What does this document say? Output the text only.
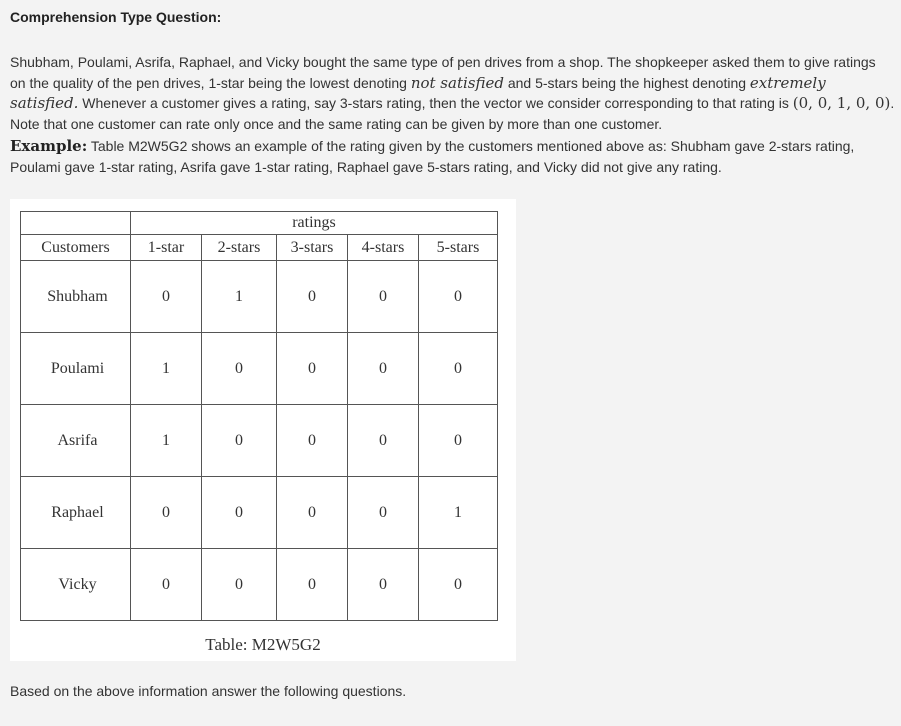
Comprehension Type Question:
Shubham, Poulami, Asrifa, Raphael, and Vicky bought the same type of pen drives from a shop. The shopkeeper asked them to give ratings on the quality of the pen drives, 1-star being the lowest denoting not satisfied and 5-stars being the highest denoting extremely satisfied. Whenever a customer gives a rating, say 3-stars rating, then the vector we consider corresponding to that rating is (0, 0, 1, 0, 0). Note that one customer can rate only once and the same rating can be given by more than one customer.
Example: Table M2W5G2 shows an example of the rating given by the customers mentioned above as: Shubham gave 2-stars rating, Poulami gave 1-star rating, Asrifa gave 1-star rating, Raphael gave 5-stars rating, and Vicky did not give any rating.
	ratings				
Customers	1-star	2-stars	3-stars	4-stars	5-stars
Shubham	0	1	0	0	0
Poulami	1	0	0	0	0
Asrifa	1	0	0	0	0
Raphael	0	0	0	0	1
Vicky	0	0	0	0	0
Table: M2W5G2
Based on the above information answer the following questions.
